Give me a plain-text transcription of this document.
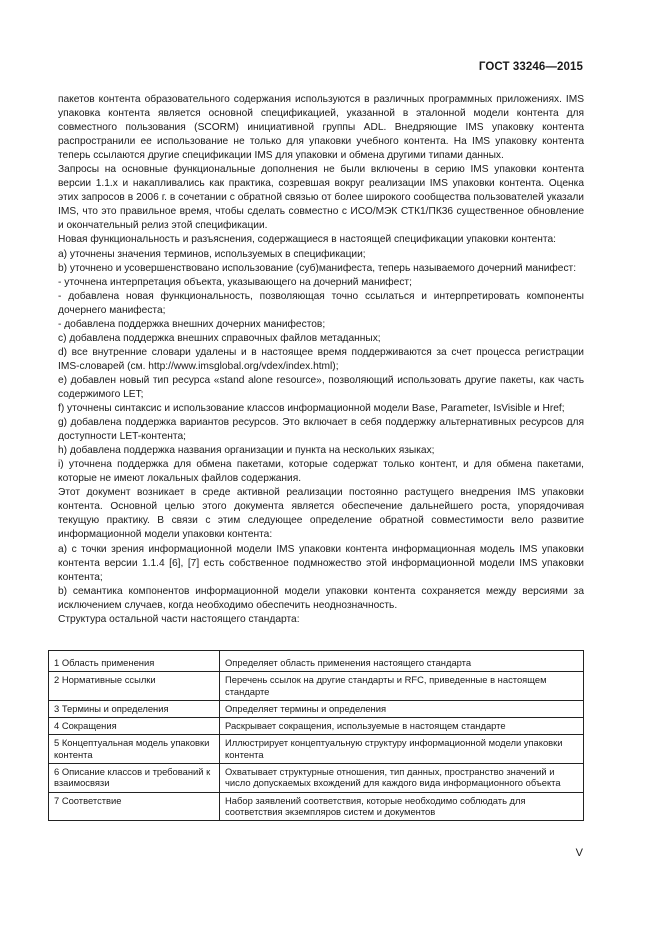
ГОСТ 33246—2015

пакетов контента образовательного содержания используются в различных программных приложениях. IMS упаковка контента является основной спецификацией, указанной в эталонной модели контента для совместного пользования (SCORM) инициативной группы ADL. Внедряющие IMS упаковку контента распространили ее использование не только для упаковки учебного контента. На IMS упаковку контента теперь ссылаются другие спецификации IMS для упаковки и обмена другими типами данных.

Запросы на основные функциональные дополнения не были включены в серию IMS упаковки контента версии 1.1.x и накапливались как практика, созревшая вокруг реализации IMS упаковки контента. Оценка этих запросов в 2006 г. в сочетании с обратной связью от более широкого сообщества пользователей указали IMS, что это правильное время, чтобы сделать совместно с ИСО/МЭК СТК1/ПК36 существенное обновление и окончательный релиз этой спецификации.

Новая функциональность и разъяснения, содержащиеся в настоящей спецификации упаковки контента:

а) уточнены значения терминов, используемых в спецификации;

b) уточнено и усовершенствовано использование (суб)манифеста, теперь называемого дочерний манифест:

- уточнена интерпретация объекта, указывающего на дочерний манифест;

- добавлена новая функциональность, позволяющая точно ссылаться и интерпретировать компоненты дочернего манифеста;

- добавлена поддержка внешних дочерних манифестов;

с) добавлена поддержка внешних справочных файлов метаданных;

d) все внутренние словари удалены и в настоящее время поддерживаются за счет процесса регистрации IMS-словарей (см. http://www.imsglobal.org/vdex/index.html);

е) добавлен новый тип ресурса «stand alone resource», позволяющий использовать другие пакеты, как часть содержимого LET;

f) уточнены синтаксис и использование классов информационной модели Base, Parameter, IsVisible и Href;

g) добавлена поддержка вариантов ресурсов. Это включает в себя поддержку альтернативных ресурсов для доступности LET-контента;

h) добавлена поддержка названия организации и пункта на нескольких языках;

i) уточнена поддержка для обмена пакетами, которые содержат только контент, и для обмена пакетами, которые не имеют локальных файлов содержания.

Этот документ возникает в среде активной реализации постоянно растущего внедрения IMS упаковки контента. Основной целью этого документа является обеспечение дальнейшего роста, упорядочивая текущую практику. В связи с этим следующее определение обратной совместимости вело развитие информационной модели упаковки контента:

а) с точки зрения информационной модели IMS упаковки контента информационная модель IMS упаковки контента версии 1.1.4 [6], [7] есть собственное подмножество этой информационной модели IMS упаковки контента;

b) семантика компонентов информационной модели упаковки контента сохраняется между версиями за исключением случаев, когда необходимо обеспечить неоднозначность.

Структура остальной части настоящего стандарта:

1 Область применения	Определяет область применения настоящего стандарта
2 Нормативные ссылки	Перечень ссылок на другие стандарты и RFC, приведенные в настоящем стандарте
3 Термины и определения	Определяет термины и определения
4 Сокращения	Раскрывает сокращения, используемые в настоящем стандарте
5 Концептуальная модель упаковки контента	Иллюстрирует концептуальную структуру информационной модели упаковки контента
6 Описание классов и требований к взаимосвязи	Охватывает структурные отношения, тип данных, пространство значений и число допускаемых вхождений для каждого вида информационного объекта
7 Соответствие	Набор заявлений соответствия, которые необходимо соблюдать для соответствия экземпляров систем и документов
V
